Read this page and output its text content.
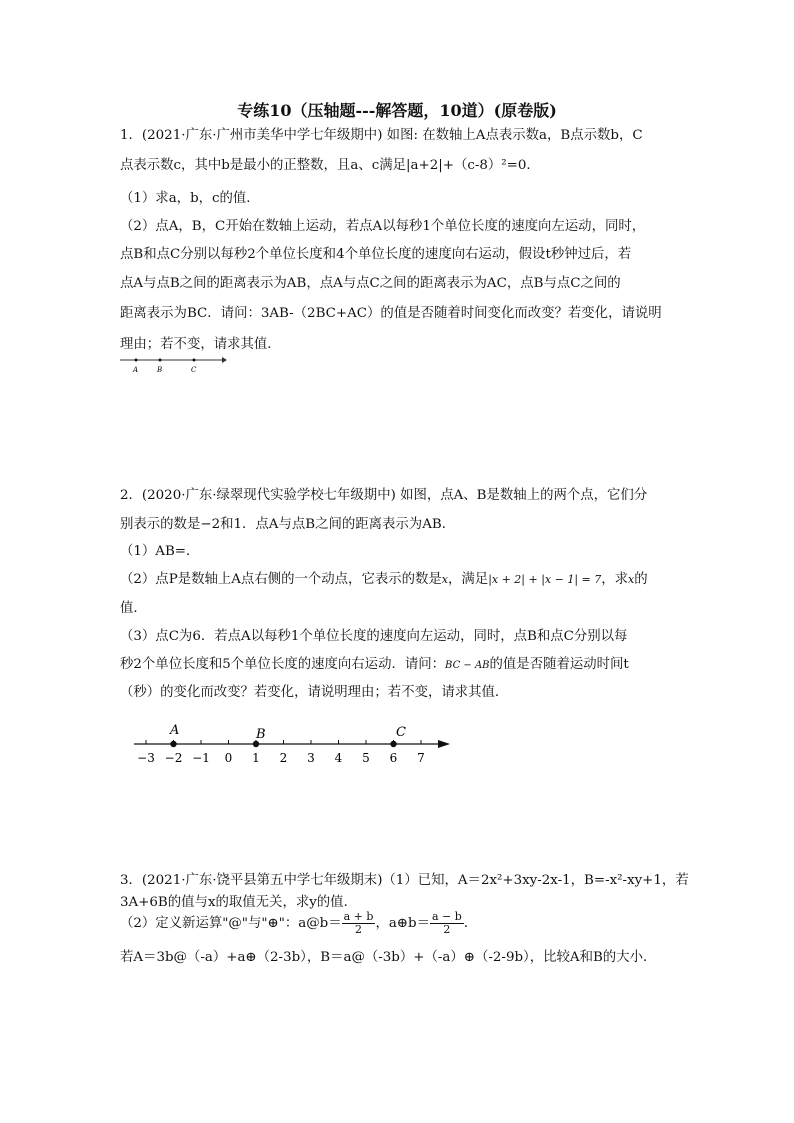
专练10（压轴题---解答题，10道）(原卷版)
1．(2021·广东·广州市美华中学七年级期中) 如图: 在数轴上A点表示数a，B点示数b，C
点表示数c，其中b是最小的正整数，且a、c满足|a+2|+（c-8）²=0．
（1）求a，b，c的值．
（2）点A，B，C开始在数轴上运动，若点A以每秒1个单位长度的速度向左运动，同时，
点B和点C分别以每秒2个单位长度和4个单位长度的速度向右运动，假设t秒钟过后，若
点A与点B之间的距离表示为AB，点A与点C之间的距离表示为AC，点B与点C之间的
距离表示为BC．请问：3AB-（2BC+AC）的值是否随着时间变化而改变？若变化，请说明
理由；若不变，请求其值．
A	B	C
2．(2020·广东·绿翠现代实验学校七年级期中) 如图，点A、B是数轴上的两个点，它们分
别表示的数是−2和1．点A与点B之间的距离表示为AB．
（1）AB=．
（2）点P是数轴上A点右侧的一个动点，它表示的数是x，满足|x + 2| + |x − 1| = 7，求x的
值．
（3）点C为6．若点A以每秒1个单位长度的速度向左运动，同时，点B和点C分别以每
秒2个单位长度和5个单位长度的速度向右运动．请问：BC − AB的值是否随着运动时间t
（秒）的变化而改变？若变化，请说明理由；若不变，请求其值．
−3 −2 −1 0 1 2 3 4 5 6 7
A	B	C
3．(2021·广东·饶平县第五中学七年级期末)（1）已知，A＝2x²+3xy-2x-1，B=-x²-xy+1，若
3A+6B的值与x的取值无关，求y的值．
（2）定义新运算"@"与"⊕"：a@b＝ $\frac{a + b}{2}$ ，a⊕b＝ $\frac{a - b}{2}$ ．
若A＝3b@（-a）+a⊕（2-3b），B＝a@（-3b）+（-a）⊕（-2-9b），比较A和B的大小．
